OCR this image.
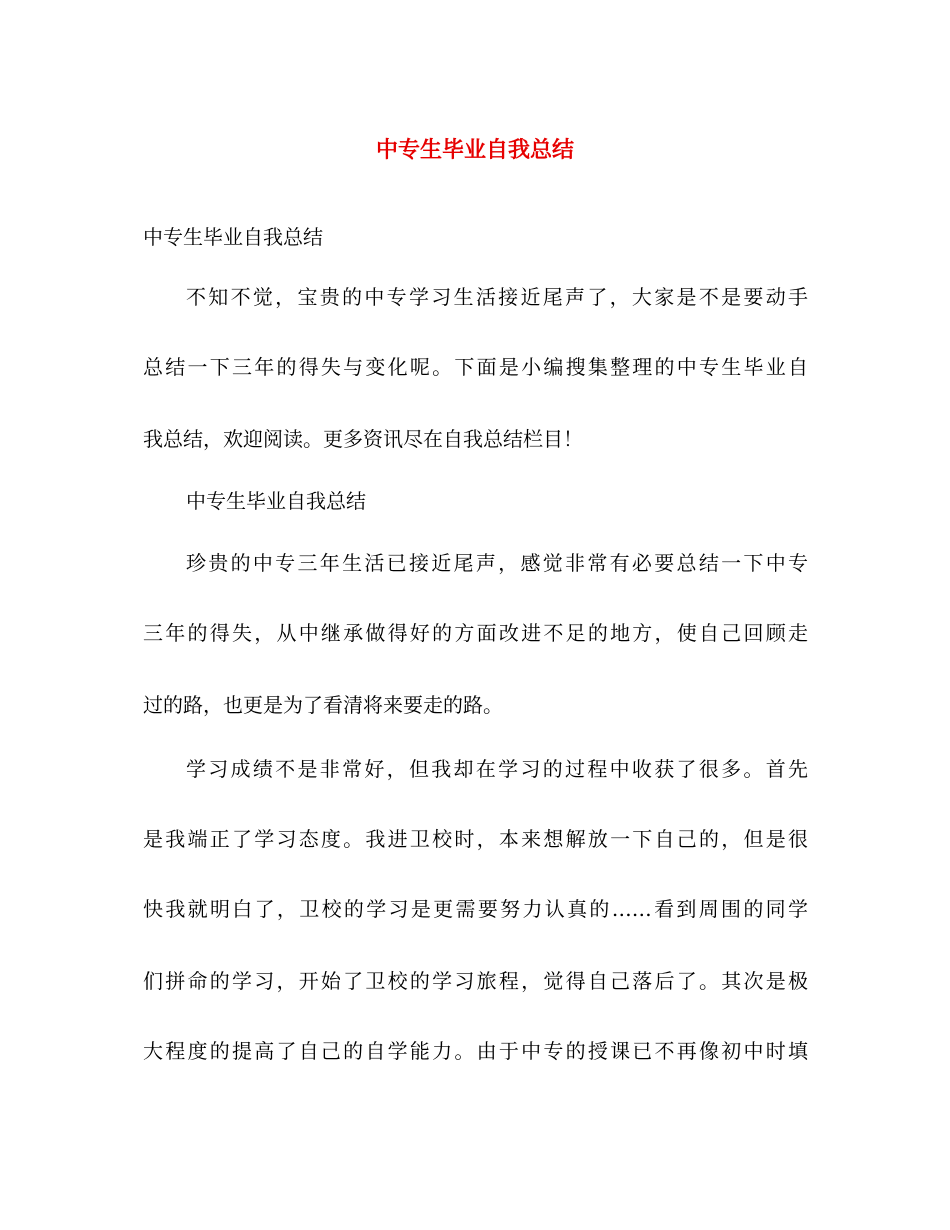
中专生毕业自我总结
中专生毕业自我总结
不知不觉，宝贵的中专学习生活接近尾声了，大家是不是要动手
总结一下三年的得失与变化呢。下面是小编搜集整理的中专生毕业自
我总结，欢迎阅读。更多资讯尽在自我总结栏目！
中专生毕业自我总结
珍贵的中专三年生活已接近尾声，感觉非常有必要总结一下中专
三年的得失，从中继承做得好的方面改进不足的地方，使自己回顾走
过的路，也更是为了看清将来要走的路。
学习成绩不是非常好，但我却在学习的过程中收获了很多。首先
是我端正了学习态度。我进卫校时，本来想解放一下自己的，但是很
快我就明白了，卫校的学习是更需要努力认真的……看到周围的同学
们拼命的学习，开始了卫校的学习旅程，觉得自己落后了。其次是极
大程度的提高了自己的自学能力。由于中专的授课已不再像初中时填
